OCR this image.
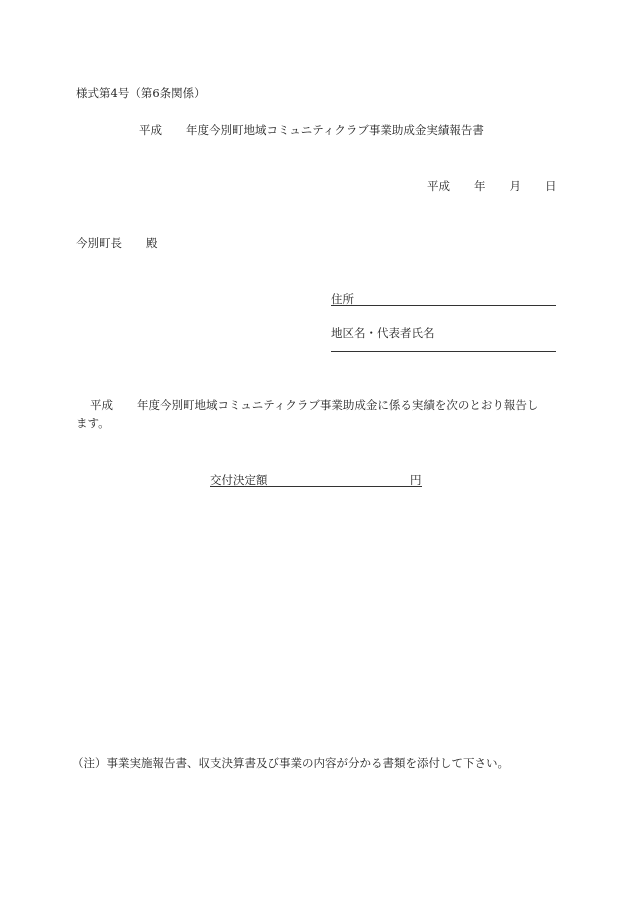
様式第4号（第6条関係）
平成 年度今別町地域コミュニティクラブ事業助成金実績報告書
平成 年 月 日
今別町長 殿
住所
地区名・代表者氏名
平成 年度今別町地域コミュニティクラブ事業助成金に係る実績を次のとおり報告し
ます。
交付決定額	円
（注）事業実施報告書、収支決算書及び事業の内容が分かる書類を添付して下さい。
